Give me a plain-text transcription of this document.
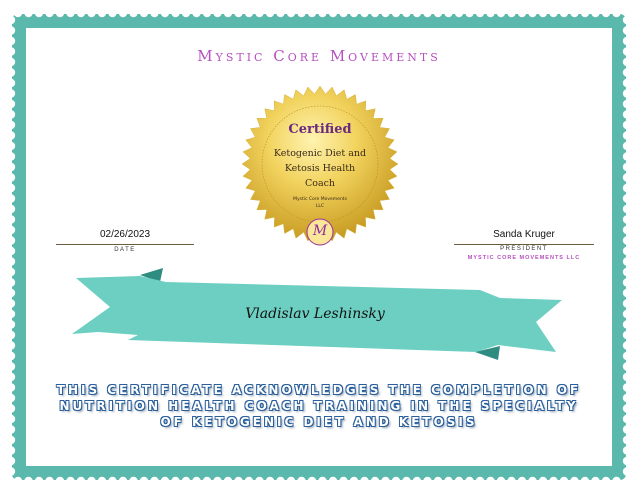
Mystic Core Movements
Certified
Ketogenic Diet and
Ketosis Health
Coach
Mystic Core Movements
LLC
M
02/26/2023
DATE
Sanda Kruger
PRESIDENT
MYSTIC CORE MOVEMENTS LLC
Vladislav Leshinsky
THIS CERTIFICATE ACKNOWLEDGES THE COMPLETION OF
NUTRITION HEALTH COACH TRAINING IN THE SPECIALTY
OF KETOGENIC DIET AND KETOSIS
